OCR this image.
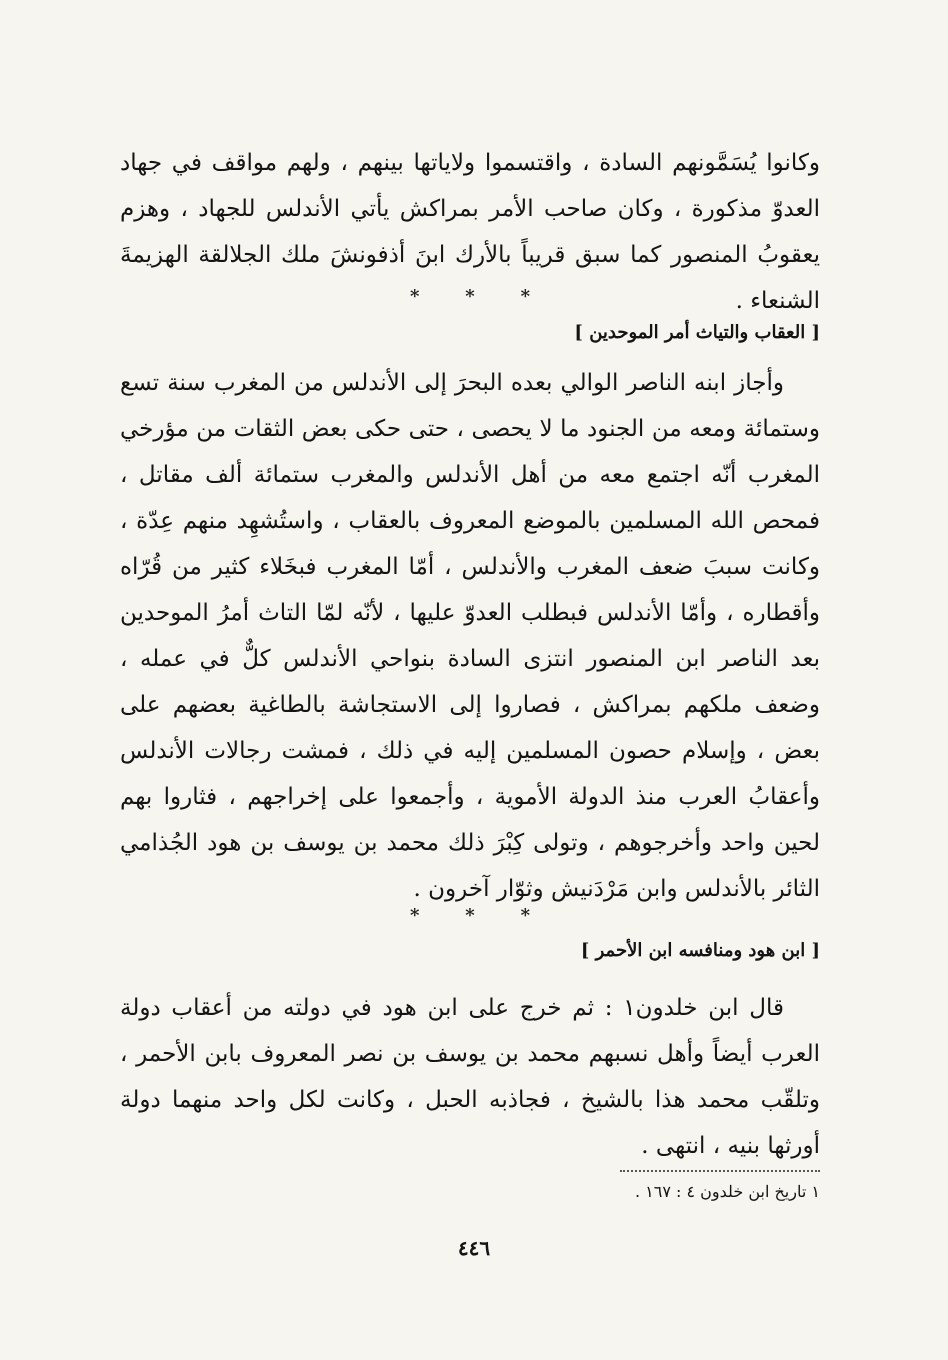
وكانوا يُسَمَّونهم السادة ، واقتسموا ولاياتها بينهم ، ولهم مواقف في جهاد العدوّ مذكورة ، وكان صاحب الأمر بمراكش يأتي الأندلس للجهاد ، وهزم يعقوبُ المنصور كما سبق قريباً بالأرك ابنَ أذفونشَ ملك الجلالقة الهزيمةَ الشنعاء .

*	*	*
[ العقاب والتياث أمر الموحدين ]

وأجاز ابنه الناصر الوالي بعده البحرَ إلى الأندلس من المغرب سنة تسع وستمائة ومعه من الجنود ما لا يحصى ، حتى حكى بعض الثقات من مؤرخي المغرب أنّه اجتمع معه من أهل الأندلس والمغرب ستمائة ألف مقاتل ، فمحص الله المسلمين بالموضع المعروف بالعقاب ، واستُشهِد منهم عِدّة ، وكانت سببَ ضعف المغرب والأندلس ، أمّا المغرب فبخَلاء كثير من قُرّاه وأقطاره ، وأمّا الأندلس فبطلب العدوّ عليها ، لأنّه لمّا التاث أمرُ الموحدين بعد الناصر ابن المنصور انتزى السادة بنواحي الأندلس كلٌّ في عمله ، وضعف ملكهم بمراكش ، فصاروا إلى الاستجاشة بالطاغية بعضهم على بعض ، وإسلام حصون المسلمين إليه في ذلك ، فمشت رجالات الأندلس وأعقابُ العرب منذ الدولة الأموية ، وأجمعوا على إخراجهم ، فثاروا بهم لحين واحد وأخرجوهم ، وتولى كِبْرَ ذلك محمد بن يوسف بن هود الجُذامي الثائر بالأندلس وابن مَرْدَنيش وثوّار آخرون .

*	*	*
[ ابن هود ومنافسه ابن الأحمر ]

قال ابن خلدون١ : ثم خرج على ابن هود في دولته من أعقاب دولة العرب أيضاً وأهل نسبهم محمد بن يوسف بن نصر المعروف بابن الأحمر ، وتلقّب محمد هذا بالشيخ ، فجاذبه الحبل ، وكانت لكل واحد منهما دولة أورثها بنيه ، انتهى .

١ تاريخ ابن خلدون ٤ : ١٦٧ .
٤٤٦
